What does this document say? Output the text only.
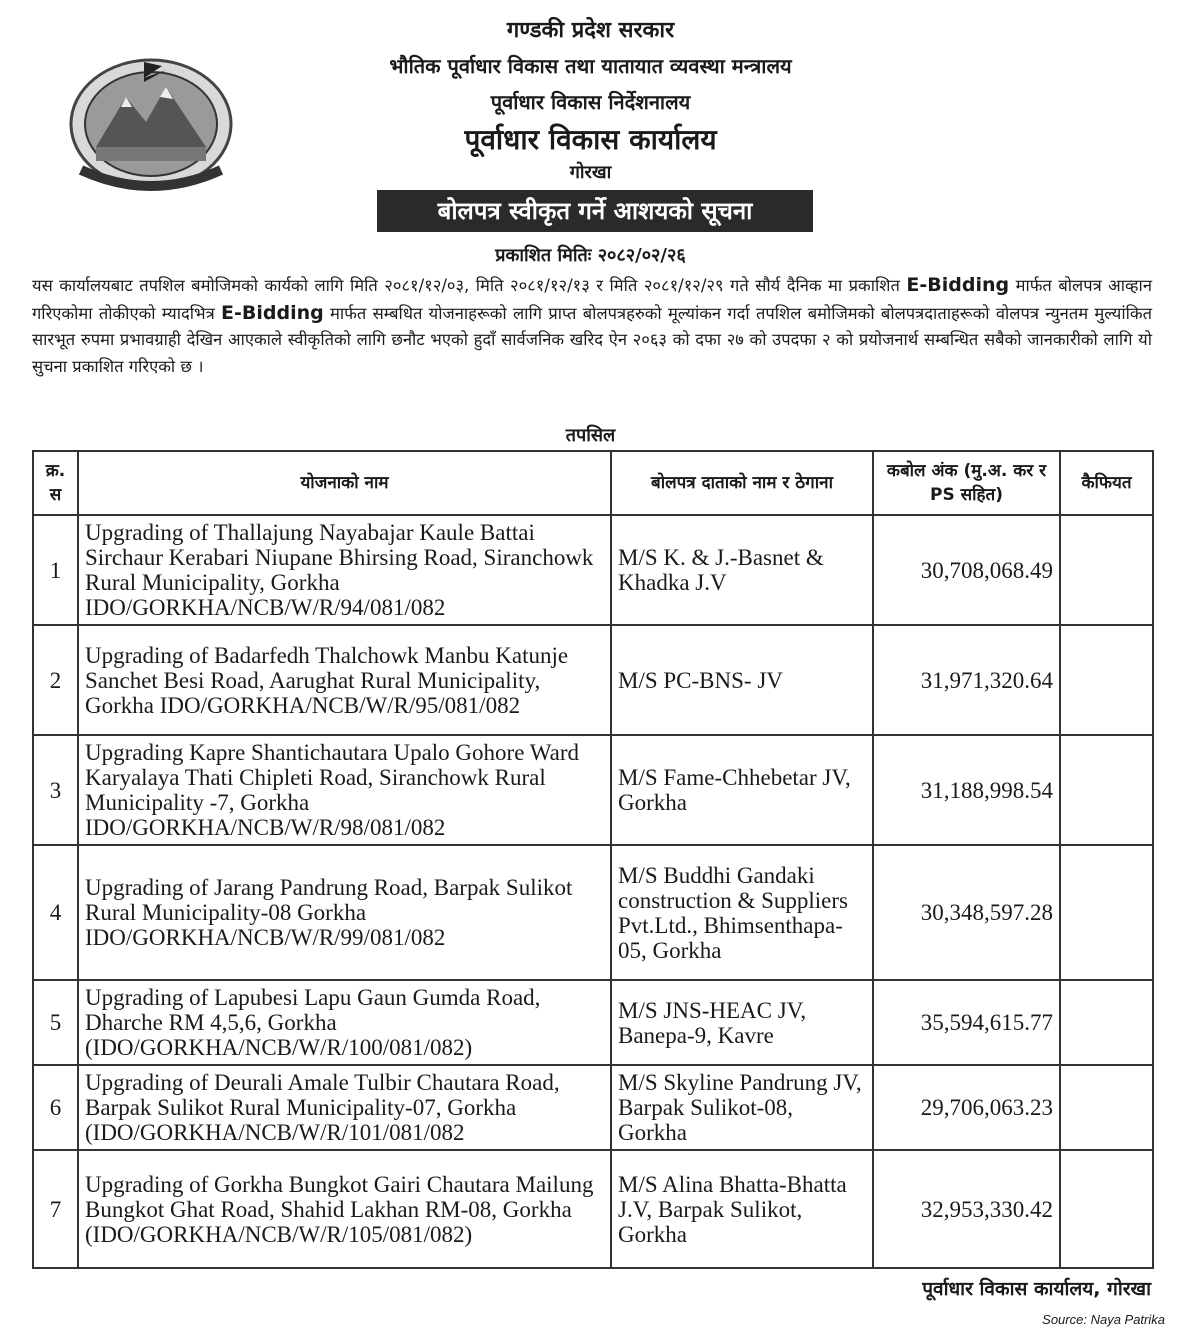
गण्डकी प्रदेश सरकार
भौतिक पूर्वाधार विकास तथा यातायात व्यवस्था मन्त्रालय
पूर्वाधार विकास निर्देशनालय
पूर्वाधार विकास कार्यालय
गोरखा
बोलपत्र स्वीकृत गर्ने आशयको सूचना
प्रकाशित मितिः २०८२/०२/२६
यस कार्यालयबाट तपशिल बमोजिमको कार्यको लागि मिति २०८१/१२/०३, मिति २०८१/१२/१३ र मिति २०८१/१२/२९ गते सौर्य दैनिक मा प्रकाशित E-Bidding मार्फत बोलपत्र आव्हान गरिएकोमा तोकीएको म्यादभित्र E-Bidding मार्फत सम्बधित योजनाहरूको लागि प्राप्त बोलपत्रहरुको मूल्यांकन गर्दा तपशिल बमोजिमको बोलपत्रदाताहरूको वोलपत्र न्युनतम मुल्यांकित सारभूत रुपमा प्रभावग्राही देखिन आएकाले स्वीकृतिको लागि छनौट भएको हुदाँ सार्वजनिक खरिद ऐन २०६३ को दफा २७ को उपदफा २ को प्रयोजनार्थ सम्बन्धित सबैको जानकारीको लागि यो सुचना प्रकाशित गरिएको छ ।
तपसिल
क्र. स	योजनाको नाम	बोलपत्र दाताको नाम र ठेगाना	कबोल अंक (मु.अ. कर र PS सहित)	कैफियत
1	Upgrading of Thallajung Nayabajar Kaule Battai Sirchaur Kerabari Niupane Bhirsing Road, Siranchowk Rural Municipality, Gorkha IDO/GORKHA/NCB/W/R/94/081/082	M/S K. & J.-Basnet & Khadka J.V	30,708,068.49	
2	Upgrading of Badarfedh Thalchowk Manbu Katunje Sanchet Besi Road, Aarughat Rural Municipality, Gorkha IDO/GORKHA/NCB/W/R/95/081/082	M/S PC-BNS- JV	31,971,320.64	
3	Upgrading Kapre Shantichautara Upalo Gohore Ward Karyalaya Thati Chipleti Road, Siranchowk Rural Municipality -7, Gorkha IDO/GORKHA/NCB/W/R/98/081/082	M/S Fame-Chhebetar JV, Gorkha	31,188,998.54	
4	Upgrading of Jarang Pandrung Road, Barpak Sulikot Rural Municipality-08 Gorkha IDO/GORKHA/NCB/W/R/99/081/082	M/S Buddhi Gandaki construction & Suppliers Pvt.Ltd., Bhimsenthapa-05, Gorkha	30,348,597.28	
5	Upgrading of Lapubesi Lapu Gaun Gumda Road, Dharche RM 4,5,6, Gorkha (IDO/GORKHA/NCB/W/R/100/081/082)	M/S JNS-HEAC JV, Banepa-9, Kavre	35,594,615.77	
6	Upgrading of Deurali Amale Tulbir Chautara Road, Barpak Sulikot Rural Municipality-07, Gorkha (IDO/GORKHA/NCB/W/R/101/081/082	M/S Skyline Pandrung JV, Barpak Sulikot-08, Gorkha	29,706,063.23	
7	Upgrading of Gorkha Bungkot Gairi Chautara Mailung Bungkot Ghat Road, Shahid Lakhan RM-08, Gorkha (IDO/GORKHA/NCB/W/R/105/081/082)	M/S Alina Bhatta-Bhatta J.V, Barpak Sulikot, Gorkha	32,953,330.42	
पूर्वाधार विकास कार्यालय, गोरखा
Source: Naya Patrika
